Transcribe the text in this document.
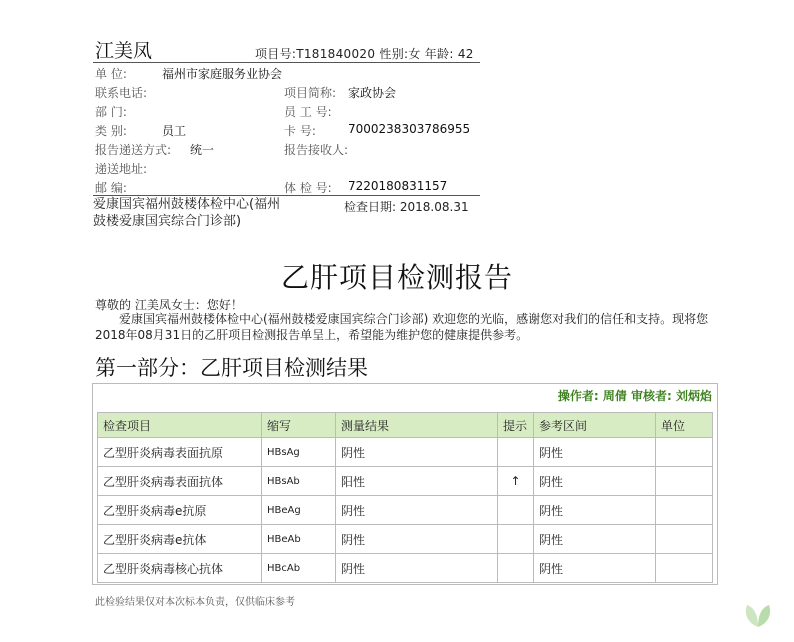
江美凤	项目号:T181840020 性别:女 年龄: 42
单 位:	福州市家庭服务业协会
联系电话:
部 门:
类 别:	员工
报告递送方式: 统一
递送地址:
邮 编:
项目简称: 家政协会
员 工 号:
卡 号:	7000238303786955
报告接收人:
体 检 号: 7220180831157
爱康国宾福州鼓楼体检中心(福州鼓楼爱康国宾综合门诊部)
检查日期: 2018.08.31
乙肝项目检测报告
尊敬的 江美凤女士：您好！
爱康国宾福州鼓楼体检中心(福州鼓楼爱康国宾综合门诊部) 欢迎您的光临，感谢您对我们的信任和支持。现将您2018年08月31日的乙肝项目检测报告单呈上，希望能为维护您的健康提供参考。
第一部分：乙肝项目检测结果
操作者: 周倩 审核者: 刘炳焰
检查项目	缩写	测量结果	提示	参考区间	单位
乙型肝炎病毒表面抗原	HBsAg	阴性		阴性	
乙型肝炎病毒表面抗体	HBsAb	阳性	↑	阴性	
乙型肝炎病毒e抗原	HBeAg	阴性		阴性	
乙型肝炎病毒e抗体	HBeAb	阴性		阴性	
乙型肝炎病毒核心抗体	HBcAb	阴性		阴性	
此检验结果仅对本次标本负责，仅供临床参考
